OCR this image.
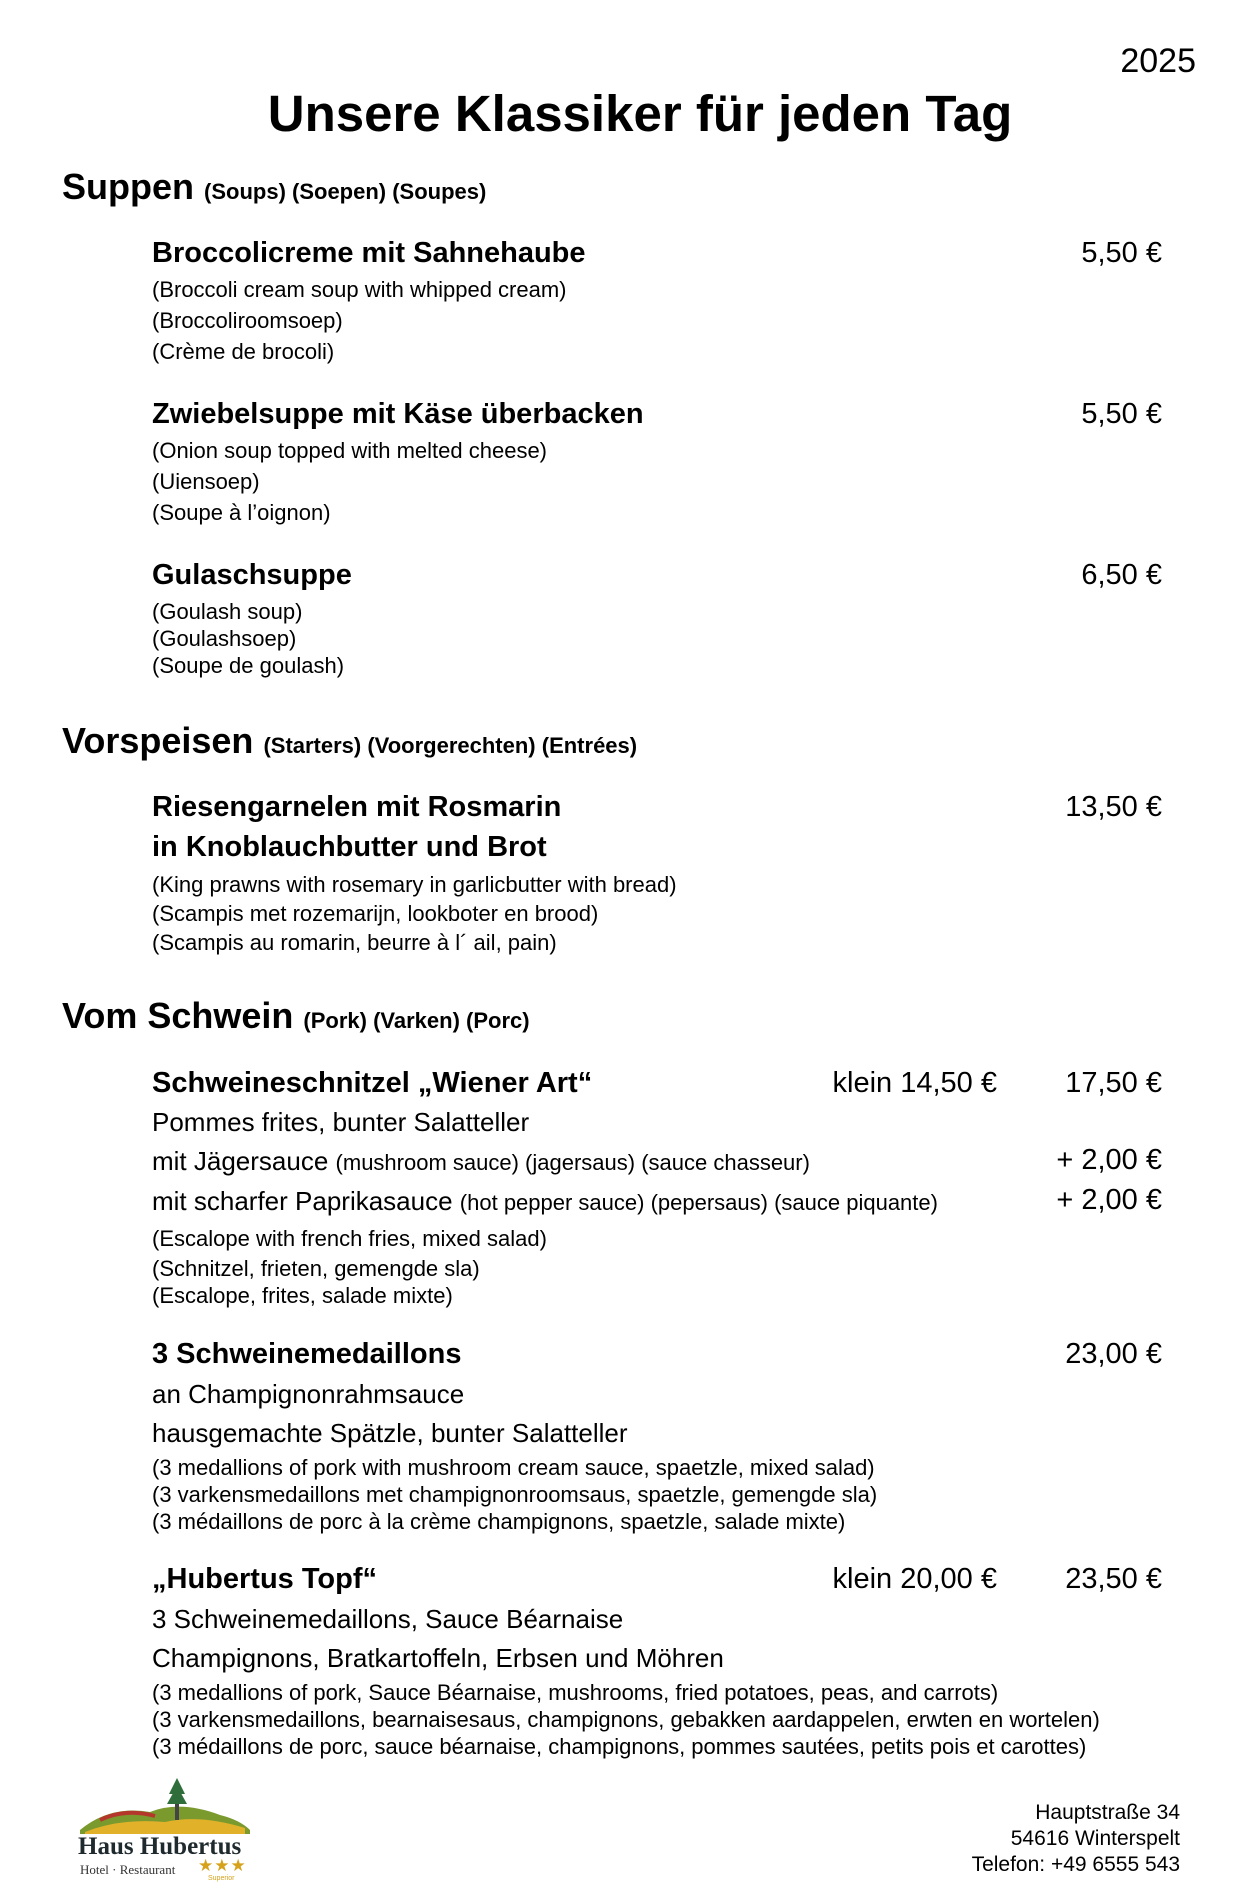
2025
Unsere Klassiker für jeden Tag
Suppen (Soups) (Soepen) (Soupes)
Broccolicreme mit Sahnehaube	5,50 €
(Broccoli cream soup with whipped cream)
(Broccoliroomsoep)
(Crème de brocoli)
Zwiebelsuppe mit Käse überbacken	5,50 €
(Onion soup topped with melted cheese)
(Uiensoep)
(Soupe à l’oignon)
Gulaschsuppe	6,50 €
(Goulash soup)
(Goulashsoep)
(Soupe de goulash)
Vorspeisen (Starters) (Voorgerechten) (Entrées)
Riesengarnelen mit Rosmarin	13,50 €
in Knoblauchbutter und Brot
(King prawns with rosemary in garlicbutter with bread)
(Scampis met rozemarijn, lookboter en brood)
(Scampis au romarin, beurre à l´ ail, pain)
Vom Schwein (Pork) (Varken) (Porc)
Schweineschnitzel „Wiener Art“	klein 14,50 € 17,50 €
Pommes frites, bunter Salatteller
mit Jägersauce (mushroom sauce) (jagersaus) (sauce chasseur)	+ 2,00 €
mit scharfer Paprikasauce (hot pepper sauce) (pepersaus) (sauce piquante)	+ 2,00 €
(Escalope with french fries, mixed salad)
(Schnitzel, frieten, gemengde sla)
(Escalope, frites, salade mixte)
3 Schweinemedaillons	23,00 €
an Champignonrahmsauce
hausgemachte Spätzle, bunter Salatteller
(3 medallions of pork with mushroom cream sauce, spaetzle, mixed salad)
(3 varkensmedaillons met champignonroomsaus, spaetzle, gemengde sla)
(3 médaillons de porc à la crème champignons, spaetzle, salade mixte)
„Hubertus Topf“	klein 20,00 € 23,50 €
3 Schweinemedaillons, Sauce Béarnaise
Champignons, Bratkartoffeln, Erbsen und Möhren
(3 medallions of pork, Sauce Béarnaise, mushrooms, fried potatoes, peas, and carrots)
(3 varkensmedaillons, bearnaisesaus, champignons, gebakken aardappelen, erwten en wortelen)
(3 médaillons de porc, sauce béarnaise, champignons, pommes sautées, petits pois et carottes)
Haus Hubertus
Hotel · Restaurant ★★★
Superior
Hauptstraße 34
54616 Winterspelt
Telefon: +49 6555 543
